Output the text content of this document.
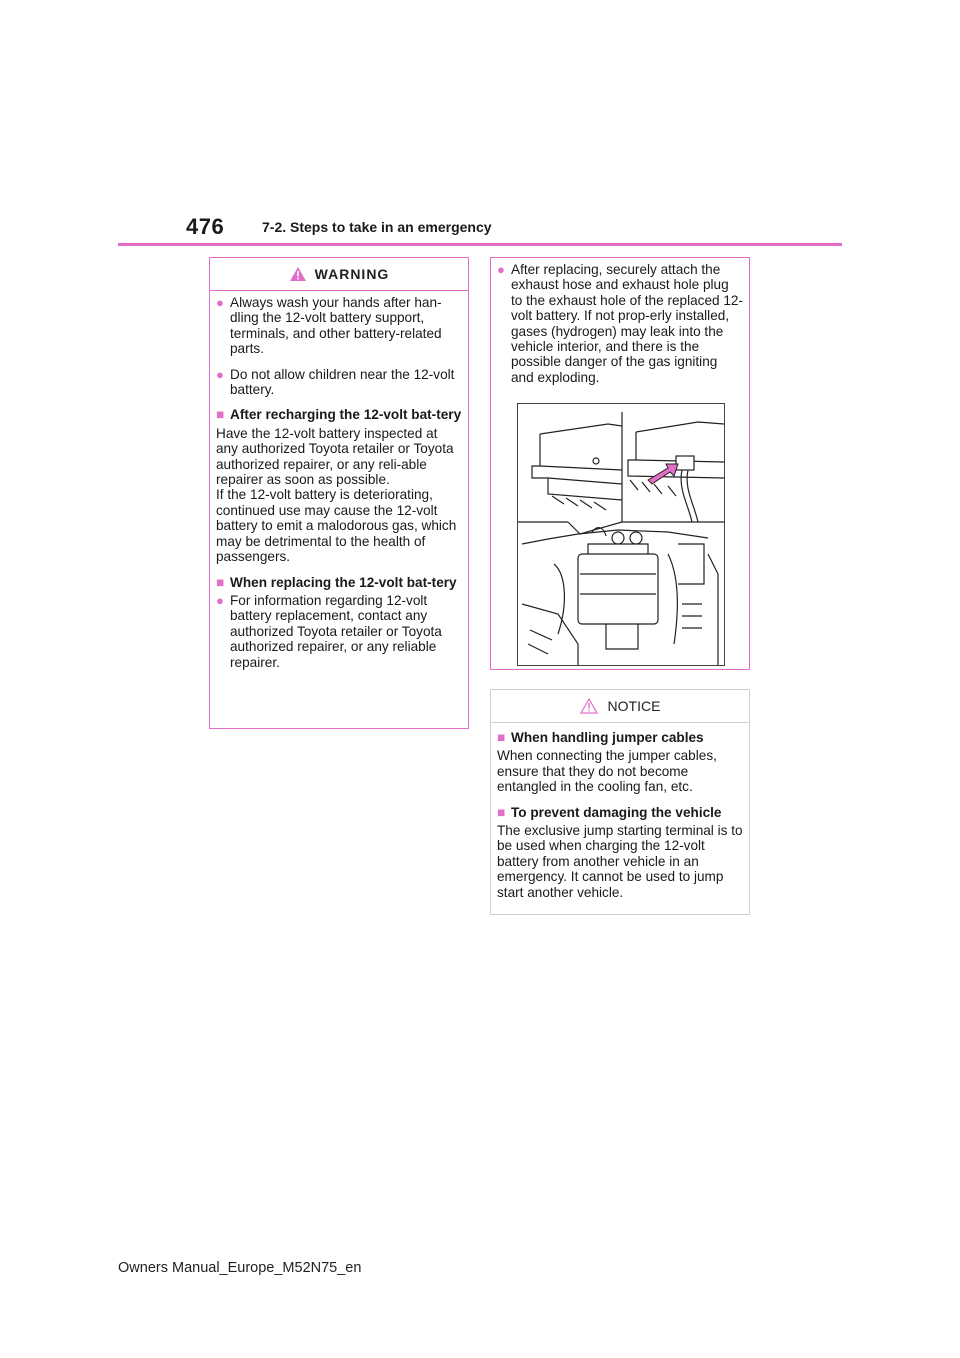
476	7-2. Steps to take in an emergency
WARNING
● Always wash your hands after han-dling the 12-volt battery support, terminals, and other battery-related parts.
● Do not allow children near the 12-volt battery.
■ After recharging the 12-volt bat-tery
Have the 12-volt battery inspected at any authorized Toyota retailer or Toyota authorized repairer, or any reli-able repairer as soon as possible.
If the 12-volt battery is deteriorating, continued use may cause the 12-volt battery to emit a malodorous gas, which may be detrimental to the health of passengers.
■ When replacing the 12-volt bat-tery
● For information regarding 12-volt battery replacement, contact any authorized Toyota retailer or Toyota authorized repairer, or any reliable repairer.
● After replacing, securely attach the exhaust hose and exhaust hole plug to the exhaust hole of the replaced 12-volt battery. If not prop-erly installed, gases (hydrogen) may leak into the vehicle interior, and there is the possible danger of the gas igniting and exploding.
NOTICE
■ When handling jumper cables
When connecting the jumper cables, ensure that they do not become entangled in the cooling fan, etc.
■ To prevent damaging the vehicle
The exclusive jump starting terminal is to be used when charging the 12-volt battery from another vehicle in an emergency. It cannot be used to jump start another vehicle.
Owners Manual_Europe_M52N75_en
